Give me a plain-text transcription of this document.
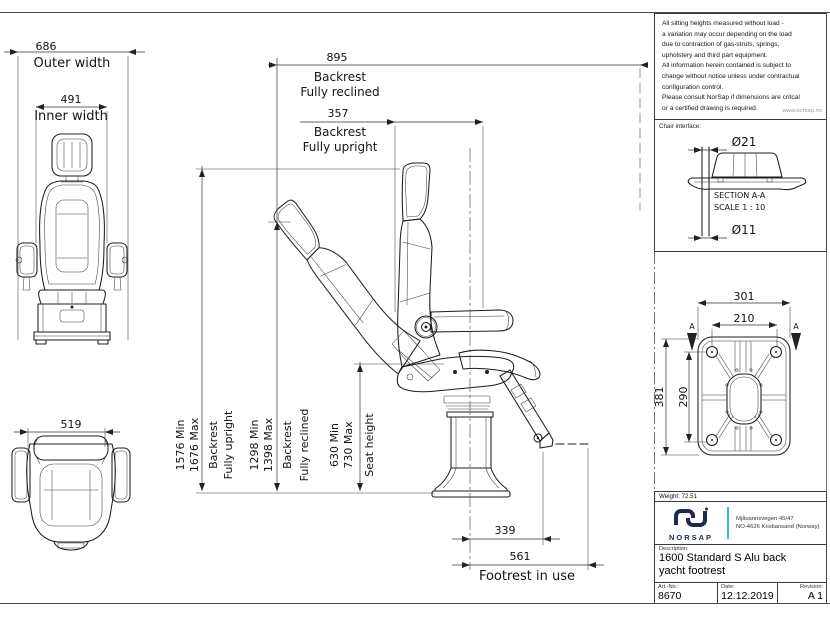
All sitting heights measured without load -
a variation may occur depending on the load
due to contraction of gas-struts, springs,
upholstery and third part equipment.
All information herein contained is subject to
change without notice unless under contractual
configuration control.
Please consult NorSap if dimensions are critcal
or a certified drawing is required.	www.norsap.no
Chair interface:
Weight: 72.51
NORSAP
Mjåvannsvegen 45/47
NO-4626 Kristiansand (Norway)
Description:
1600 Standard S Alu back
yacht footrest
Art.-No.:
8670
Date:
12.12.2019
Revision:
A 1
686
Outer width
491
Inner width
519
895
Backrest
Fully reclined
357
Backrest
Fully upright
1576 Min 1676 Max Backrest Fully upright 1298 Min 1398 Max Backrest Fully reclined 630 Min 730 Max Seat height
339
561
Footrest in use
301
210
381 290
A	A
Ø21
Ø11
SECTION A-A
SCALE 1 : 10
